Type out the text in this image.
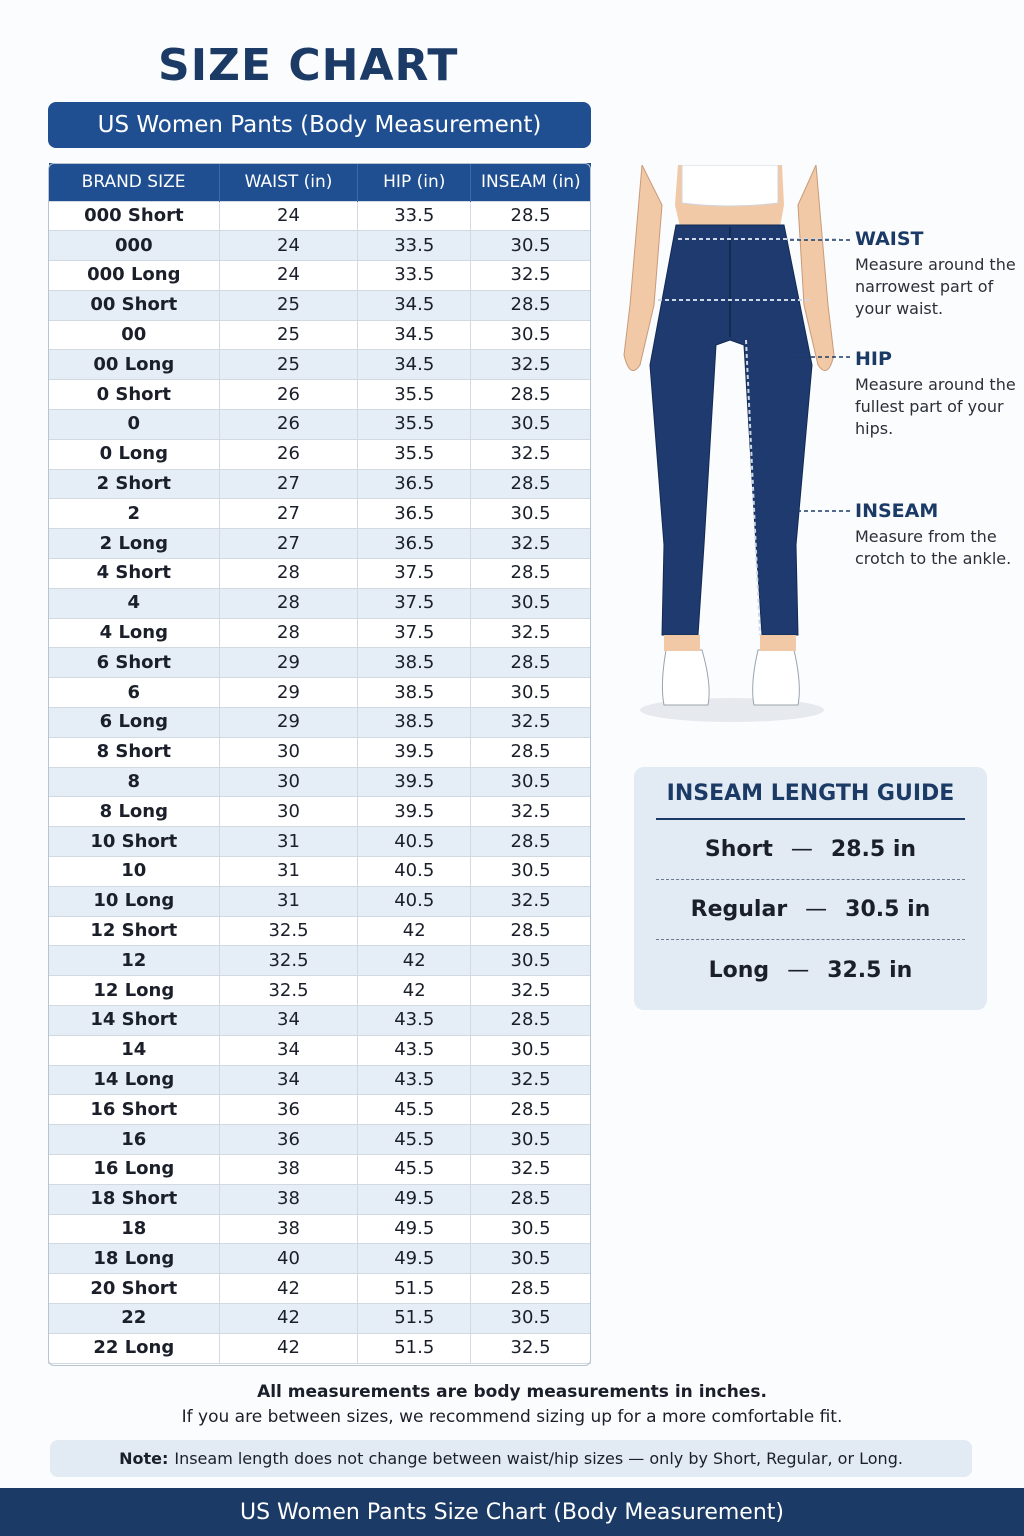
SIZE CHART
US Women Pants (Body Measurement)
BRAND SIZE	WAIST (in)	HIP (in)	INSEAM (in)
000 Short	24	33.5	28.5
000	24	33.5	30.5
000 Long	24	33.5	32.5
00 Short	25	34.5	28.5
00	25	34.5	30.5
00 Long	25	34.5	32.5
0 Short	26	35.5	28.5
0	26	35.5	30.5
0 Long	26	35.5	32.5
2 Short	27	36.5	28.5
2	27	36.5	30.5
2 Long	27	36.5	32.5
4 Short	28	37.5	28.5
4	28	37.5	30.5
4 Long	28	37.5	32.5
6 Short	29	38.5	28.5
6	29	38.5	30.5
6 Long	29	38.5	32.5
8 Short	30	39.5	28.5
8	30	39.5	30.5
8 Long	30	39.5	32.5
10 Short	31	40.5	28.5
10	31	40.5	30.5
10 Long	31	40.5	32.5
12 Short	32.5	42	28.5
12	32.5	42	30.5
12 Long	32.5	42	32.5
14 Short	34	43.5	28.5
14	34	43.5	30.5
14 Long	34	43.5	32.5
16 Short	36	45.5	28.5
16	36	45.5	30.5
16 Long	38	45.5	32.5
18 Short	38	49.5	28.5
18	38	49.5	30.5
18 Long	40	49.5	30.5
20 Short	42	51.5	28.5
22	42	51.5	30.5
22 Long	42	51.5	32.5
WAIST

Measure around the narrowest part of your waist.

HIP

Measure around the fullest part of your hips.

INSEAM

Measure from the crotch to the ankle.

INSEAM LENGTH GUIDE
Short — 28.5 in
Regular — 30.5 in
Long — 32.5 in
All measurements are body measurements in inches.
If you are between sizes, we recommend sizing up for a more comfortable fit.
Note: Inseam length does not change between waist/hip sizes — only by Short, Regular, or Long.
US Women Pants Size Chart (Body Measurement)
